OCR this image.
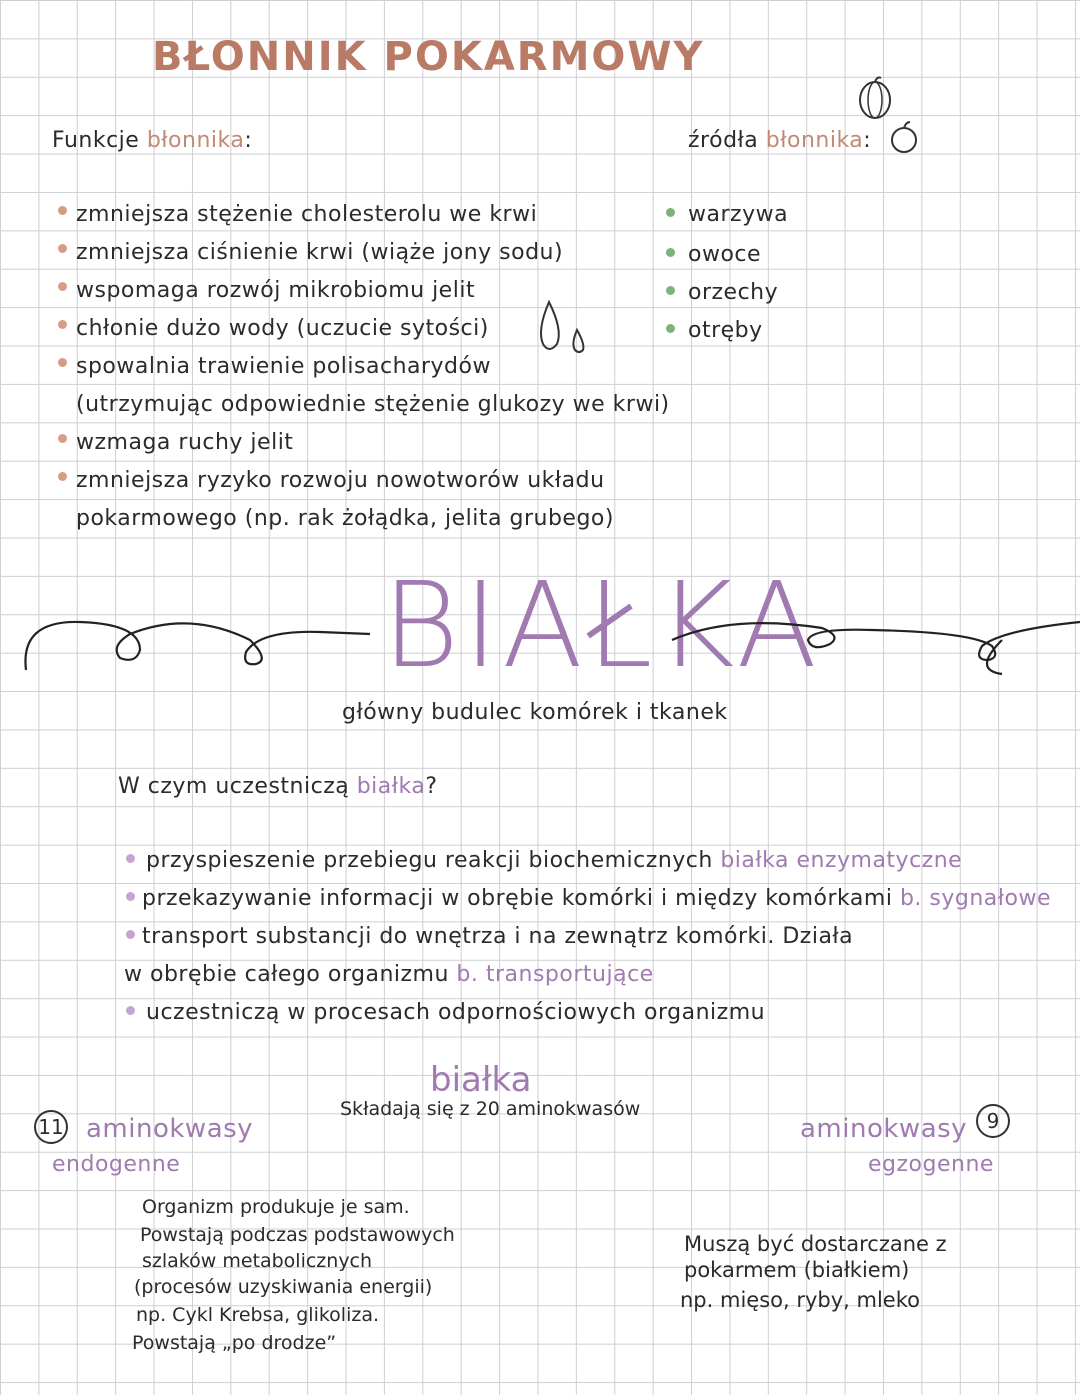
BŁONNIK POKARMOWY
Funkcje błonnika:	źródła błonnika:
zmniejsza stężenie cholesterolu we krwi
zmniejsza ciśnienie krwi (wiąże jony sodu)
wspomaga rozwój mikrobiomu jelit
chłonie dużo wody (uczucie sytości)
spowalnia trawienie polisacharydów
(utrzymując odpowiednie stężenie glukozy we krwi)
wzmaga ruchy jelit
zmniejsza ryzyko rozwoju nowotworów układu
pokarmowego (np. rak żołądka, jelita grubego)
warzywa
owoce
orzechy
otręby
BIAŁKA
główny budulec komórek i tkanek
W czym uczestniczą białka?
przyspieszenie przebiegu reakcji biochemicznych białka enzymatyczne
przekazywanie informacji w obrębie komórki i między komórkami b. sygnałowe
transport substancji do wnętrza i na zewnątrz komórki. Działa
w obrębie całego organizmu b. transportujące
uczestniczą w procesach odpornościowych organizmu
białka
Składają się z 20 aminokwasów
11 aminokwasy
endogenne
Organizm produkuje je sam.
Powstają podczas podstawowych
szlaków metabolicznych
(procesów uzyskiwania energii)
np. Cykl Krebsa, glikoliza.
Powstają „po drodze”
aminokwasy 9
egzogenne
Muszą być dostarczane z
pokarmem (białkiem)
np. mięso, ryby, mleko
